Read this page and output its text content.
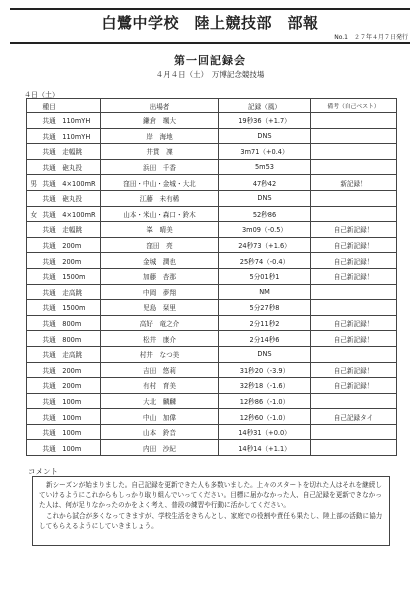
白鷺中学校　陸上競技部　部報
No.1　２７年４月７日発行
第一回記録会
４月４日（土）　万博記念競技場
４日（土）
	種目	出場者	記録（風）	備考（自己ベスト）
	共通　110mYH	鎌倉　颯大	19秒36（+1.7）	
	共通　110mYH	岸　海地	DNS	
	共通　走幅跳	井貫　凜	3m71（+0.4）	
	共通　砲丸投	浜田　千香	5m53	
男	共通　4×100mR	窪田・中山・金城・大北	47秒42	新記録！
	共通　砲丸投	江藤　未有稀	DNS	
女	共通　4×100mR	山本・米山・森口・鈴木	52秒86	
	共通　走幅跳	峯　晴美	3m09（-0.5）	自己新記録！
	共通　200m	窪田　亮	24秒73（+1.6）	自己新記録！
	共通　200m	金城　潤也	25秒74（-0.4）	自己新記録！
	共通　1500m	加藤　杏那	5分01秒1	自己新記録！
	共通　走高跳	中岡　夢翔	NM	
	共通　1500m	児島　栞里	5分27秒8	
	共通　800m	高好　竜之介	2分11秒2	自己新記録！
	共通　800m	松井　康介	2分14秒6	自己新記録！
	共通　走高跳	村井　なつ美	DNS	
	共通　200m	吉田　悠莉	31秒20（-3.9）	自己新記録！
	共通　200m	有村　育美	32秒18（-1.6）	自己新記録！
	共通　100m	大北　麟麟	12秒86（-1.0）	
	共通　100m	中山　加偉	12秒60（-1.0）	自己記録タイ
	共通　100m	山本　鈴音	14秒31（+0.0）	
	共通　100m	内田　沙紀	14秒14（+1.1）	
コメント

新シーズンが始まりました。自己記録を更新できた人も多数いました。上々のスタートを切れた人はそれを継続していけるようにこれからもしっかり取り組んでいってください。目標に届かなかった人、自己記録を更新できなかった人は、何が足りなかったのかをよく考え、普段の練習や行動に活かしてください。

これから試合が多くなってきますが、学校生活をきちんとし、家庭での役割や責任も果たし、陸上部の活動に協力してもらえるようにしていきましょう。
